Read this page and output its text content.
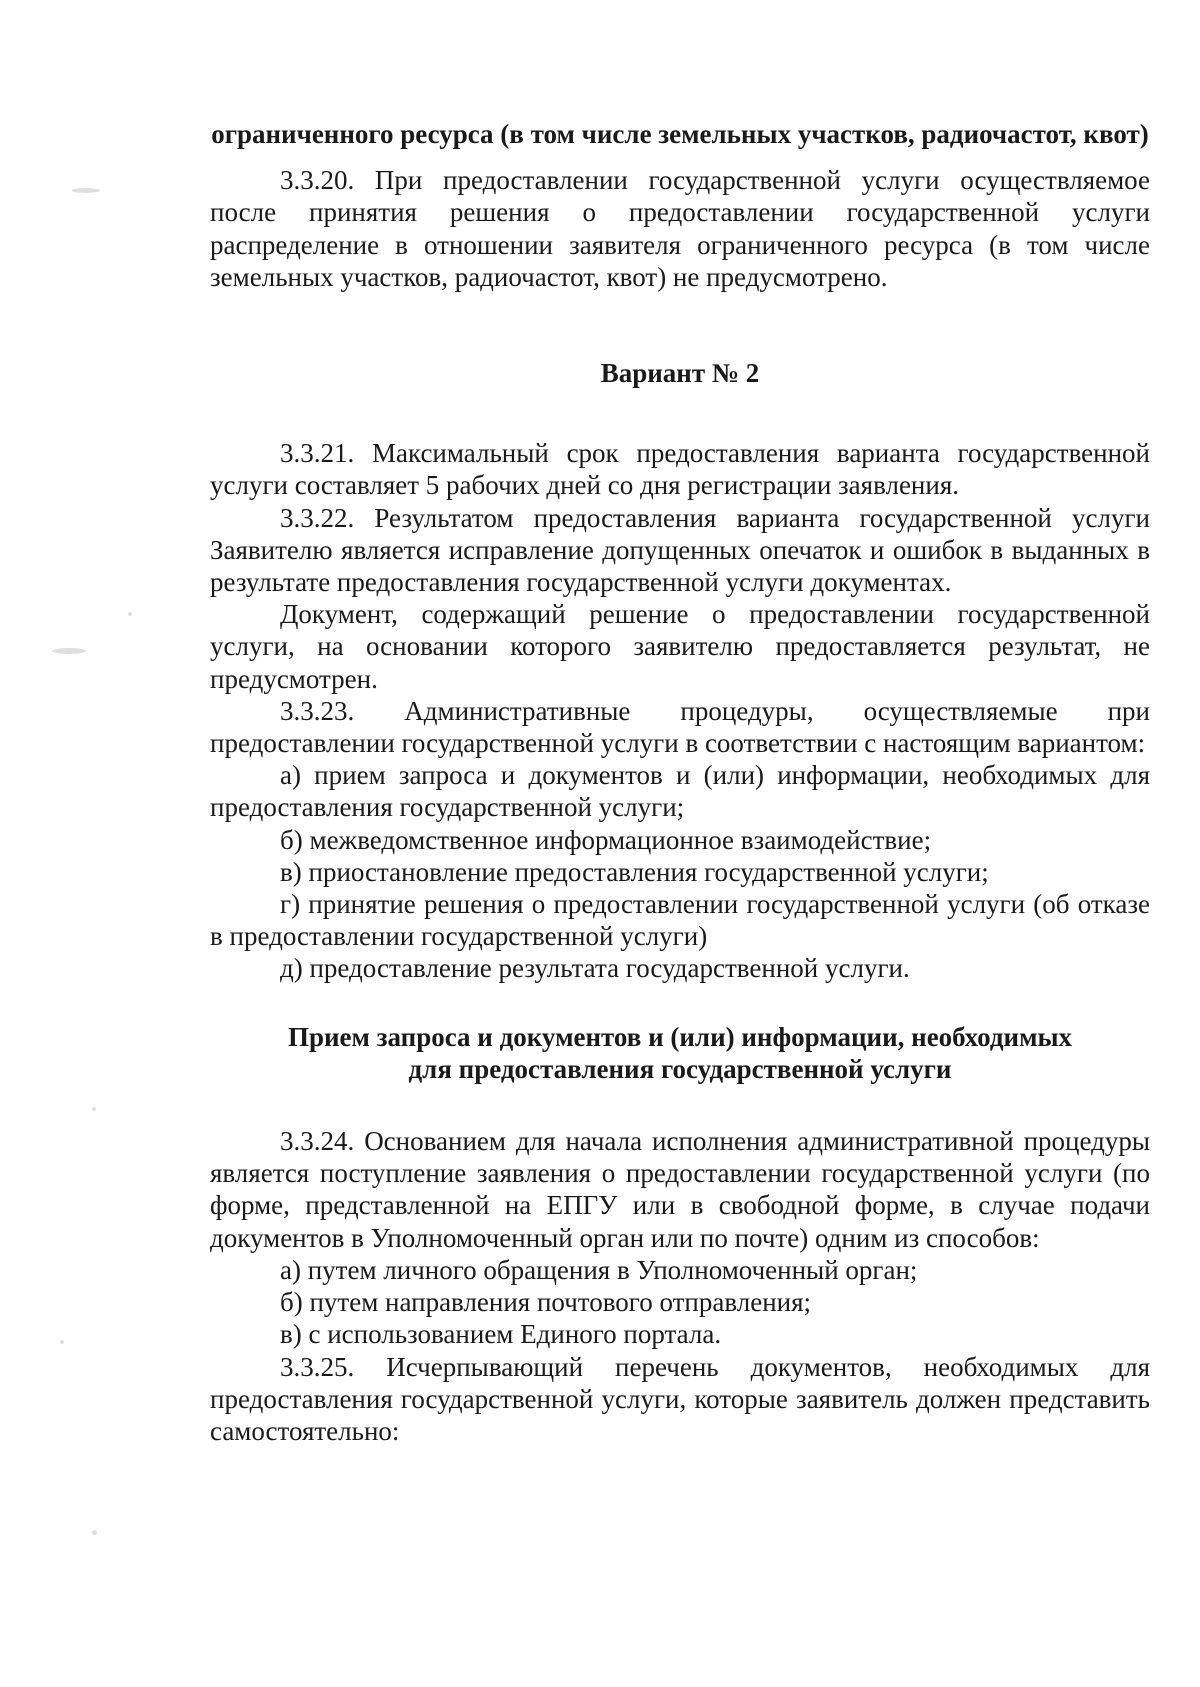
ограниченного ресурса (в том числе земельных участков, радиочастот, квот)

3.3.20. При предоставлении государственной услуги осуществляемое после принятия решения о предоставлении государственной услуги распределение в отношении заявителя ограниченного ресурса (в том числе земельных участков, радиочастот, квот) не предусмотрено.

Вариант № 2

3.3.21. Максимальный срок предоставления варианта государственной услуги составляет 5 рабочих дней со дня регистрации заявления.

3.3.22. Результатом предоставления варианта государственной услуги Заявителю является исправление допущенных опечаток и ошибок в выданных в результате предоставления государственной услуги документах.

Документ, содержащий решение о предоставлении государственной услуги, на основании которого заявителю предоставляется результат, не предусмотрен.

3.3.23. Административные процедуры, осуществляемые при предоставлении государственной услуги в соответствии с настоящим вариантом:

а) прием запроса и документов и (или) информации, необходимых для предоставления государственной услуги;

б) межведомственное информационное взаимодействие;

в) приостановление предоставления государственной услуги;

г) принятие решения о предоставлении государственной услуги (об отказе в предоставлении государственной услуги)

д) предоставление результата государственной услуги.

Прием запроса и документов и (или) информации, необходимых
для предоставления государственной услуги

3.3.24. Основанием для начала исполнения административной процедуры является поступление заявления о предоставлении государственной услуги (по форме, представленной на ЕПГУ или в свободной форме, в случае подачи документов в Уполномоченный орган или по почте) одним из способов:

а) путем личного обращения в Уполномоченный орган;

б) путем направления почтового отправления;

в) с использованием Единого портала.

3.3.25. Исчерпывающий перечень документов, необходимых для предоставления государственной услуги, которые заявитель должен представить самостоятельно:
